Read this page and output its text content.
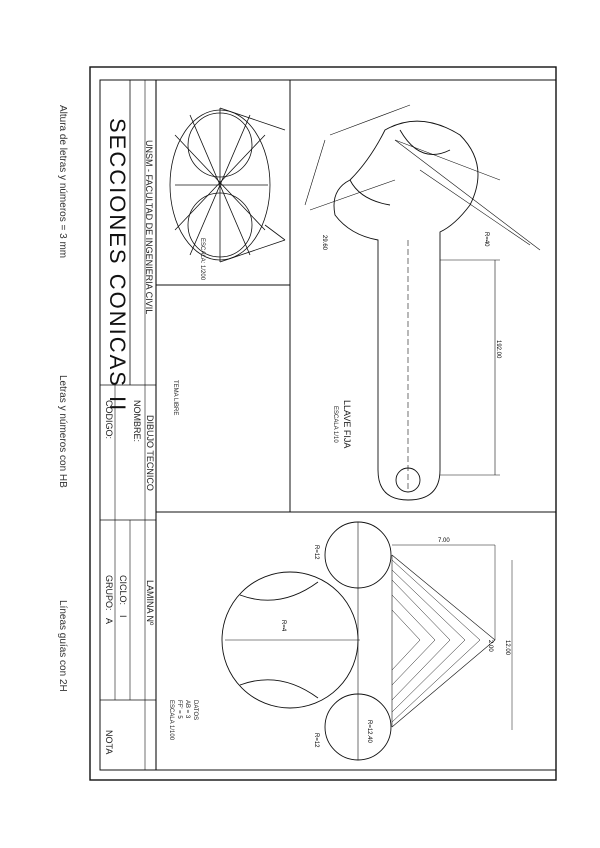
7.00
2.00 12.00
192.00
29.60	R=40
R=12
R=12	R=12.40
R=4
Altura de letras y números = 3 mm
Letras y números con HB
Líneas guías con 2H
UNSM - FACULTAD DE INGENIERIA CIVIL
SECCIONES CONICAS II
DIBUJO TECNICO
NOMBRE:
CODIGO:
LAMINA Nº
CICLO:
I
GRUPO:
A
NOTA
ESCALA: 1/200
TEMA LIBRE
LLAVE FIJA
ESCALA 1/10
DATOS
AB = 3
FF' = 5
ESCALA 1/100
